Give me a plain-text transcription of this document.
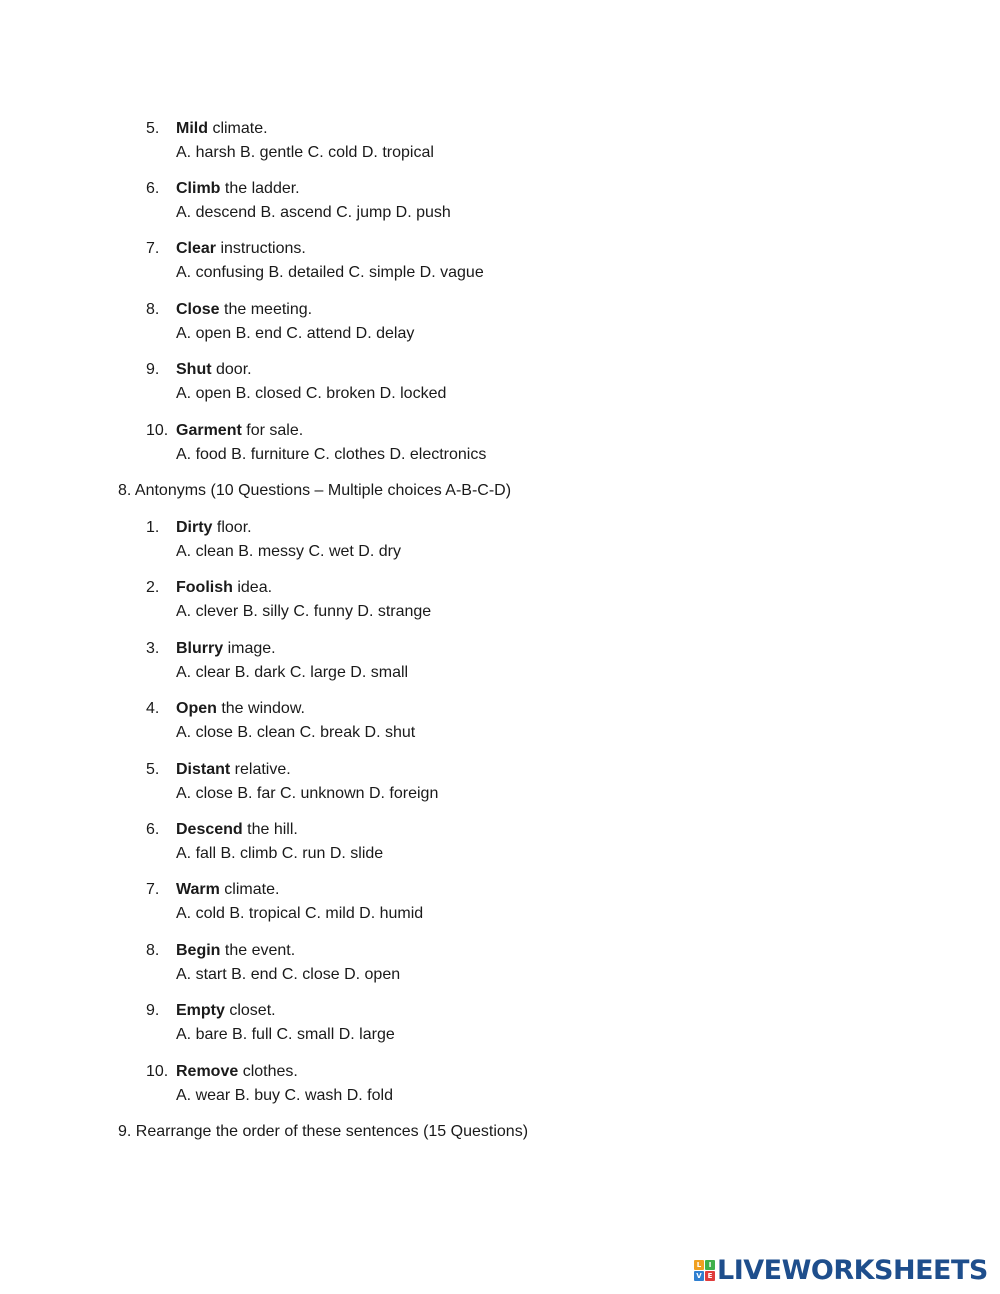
5. Mild climate.
A. harsh B. gentle C. cold D. tropical
6. Climb the ladder.
A. descend B. ascend C. jump D. push
7. Clear instructions.
A. confusing B. detailed C. simple D. vague
8. Close the meeting.
A. open B. end C. attend D. delay
9. Shut door.
A. open B. closed C. broken D. locked
10. Garment for sale.
A. food B. furniture C. clothes D. electronics
8. Antonyms (10 Questions – Multiple choices A-B-C-D)
1. Dirty floor.
A. clean B. messy C. wet D. dry
2. Foolish idea.
A. clever B. silly C. funny D. strange
3. Blurry image.
A. clear B. dark C. large D. small
4. Open the window.
A. close B. clean C. break D. shut
5. Distant relative.
A. close B. far C. unknown D. foreign
6. Descend the hill.
A. fall B. climb C. run D. slide
7. Warm climate.
A. cold B. tropical C. mild D. humid
8. Begin the event.
A. start B. end C. close D. open
9. Empty closet.
A. bare B. full C. small D. large
10. Remove clothes.
A. wear B. buy C. wash D. fold
9. Rearrange the order of these sentences (15 Questions)
L	I
V E LIVEWORKSHEETS
